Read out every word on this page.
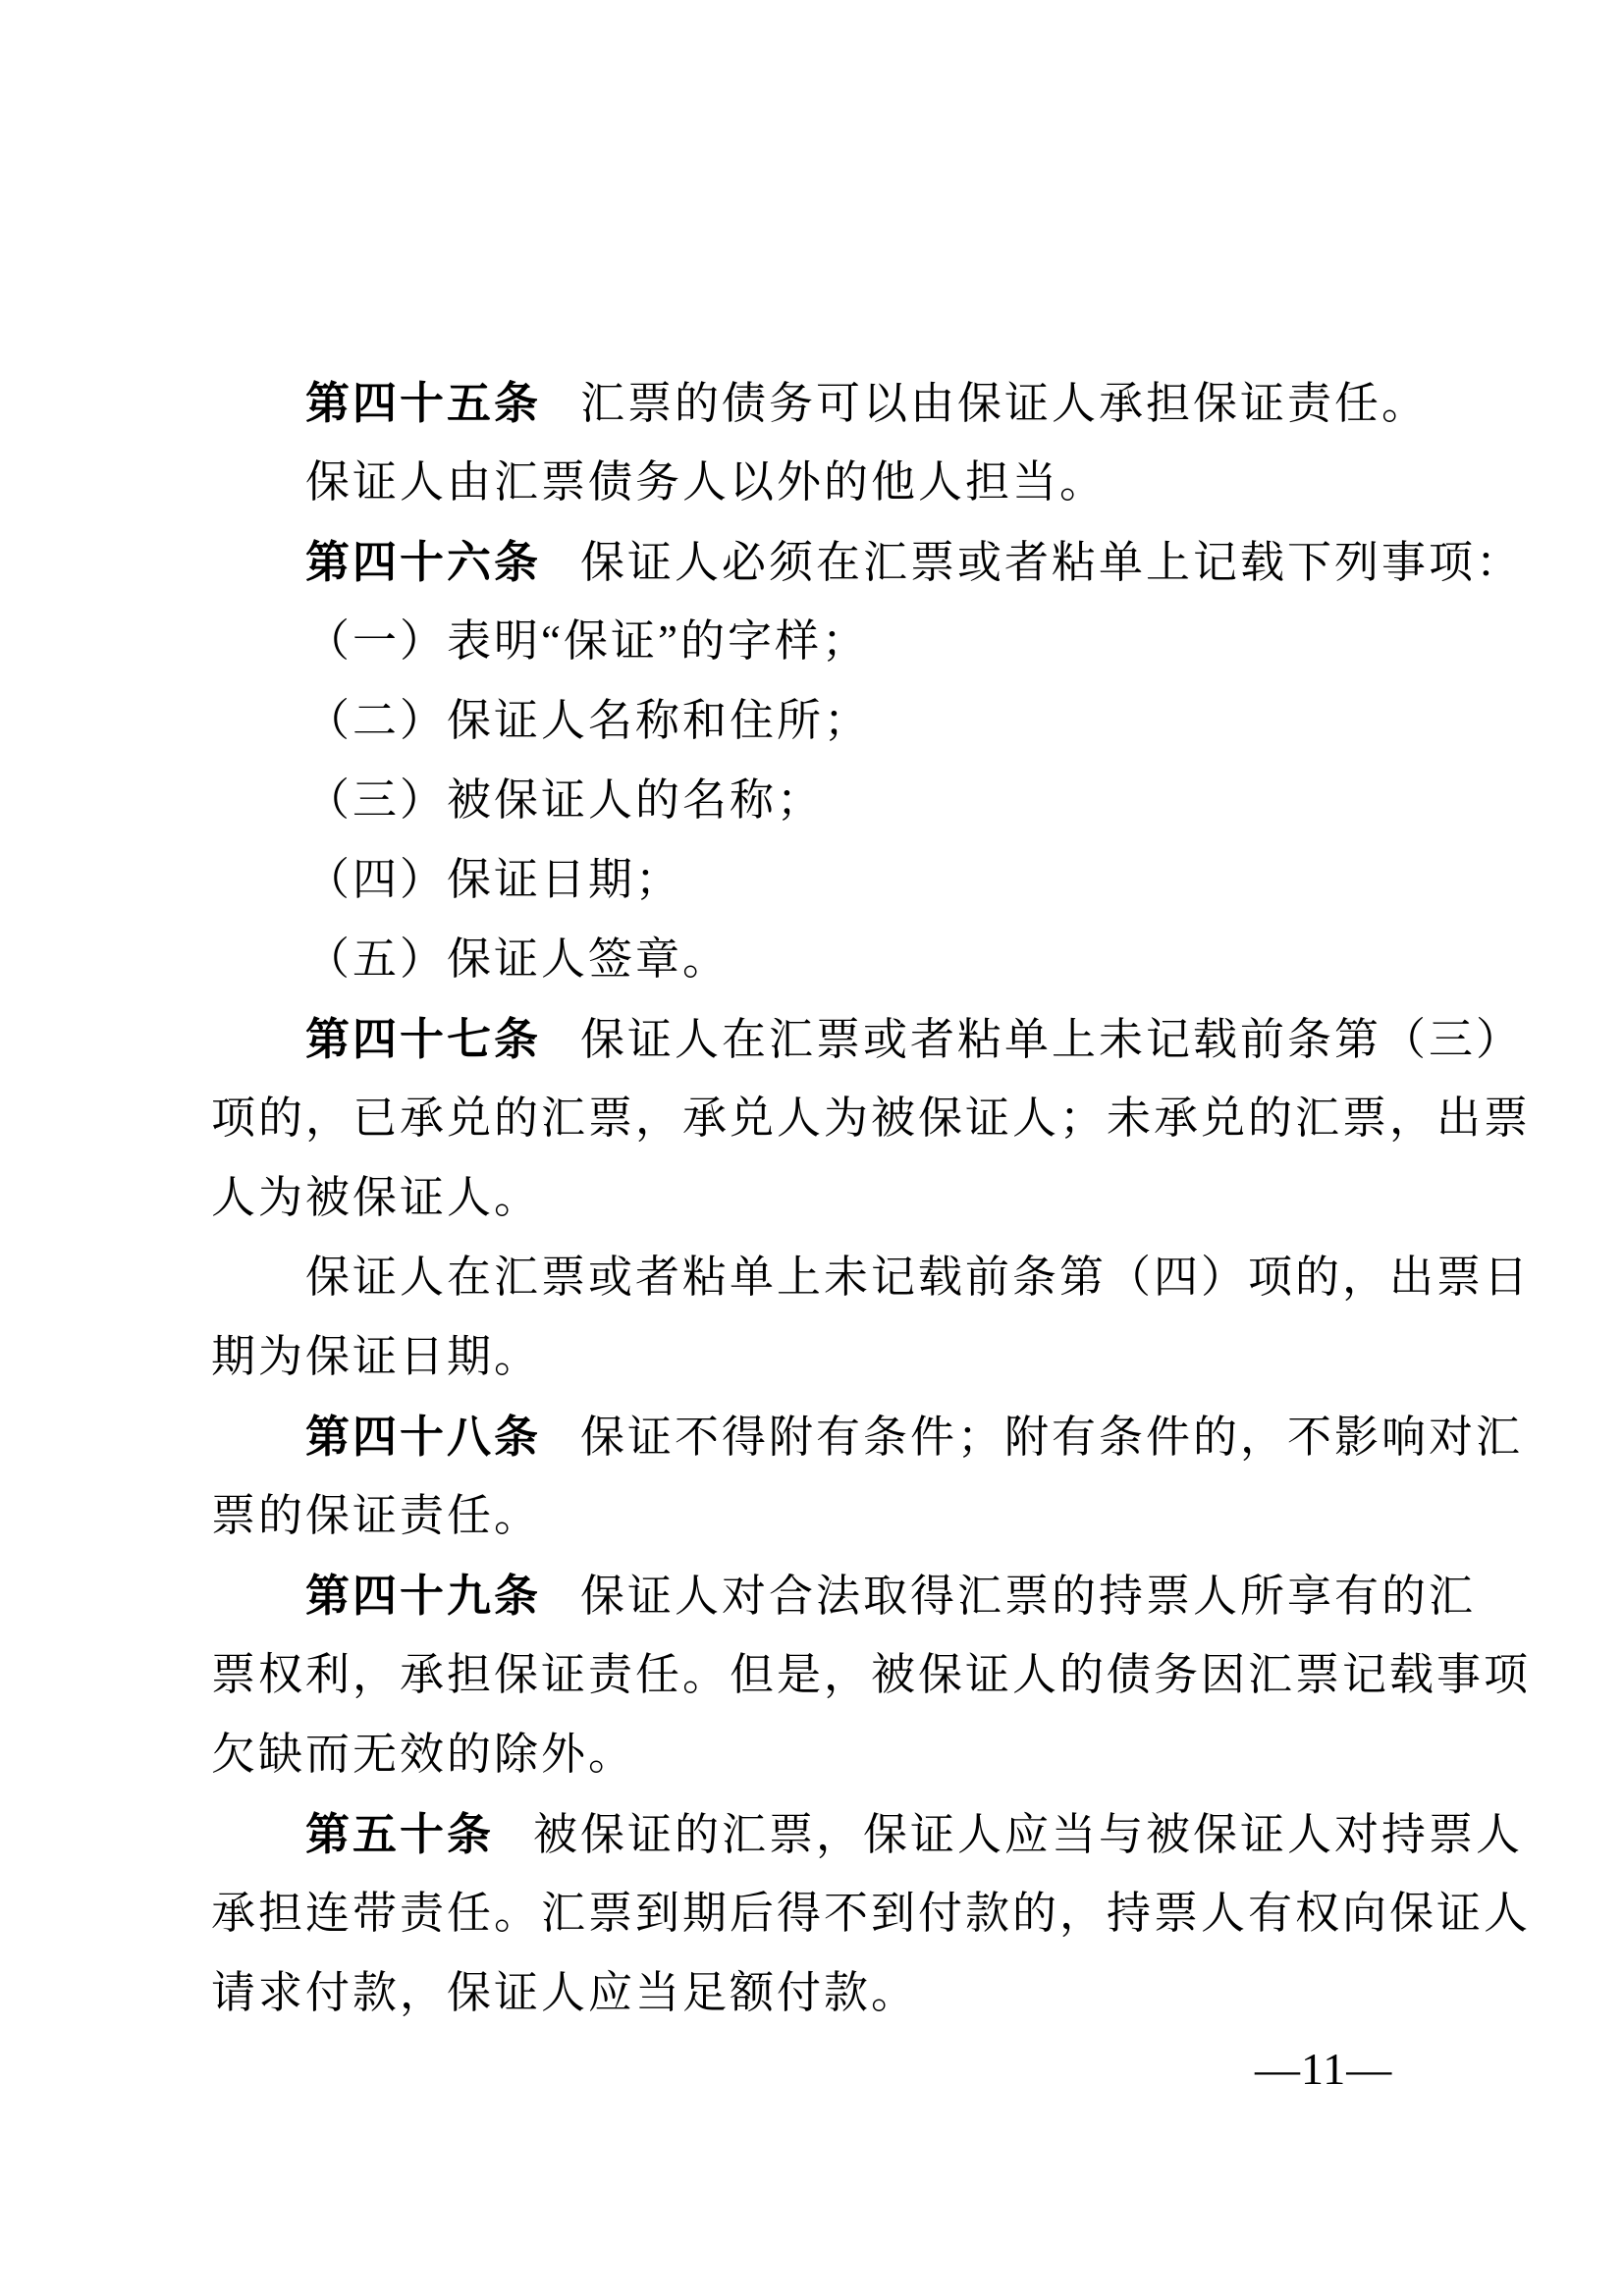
第四十五条 汇票的债务可以由保证人承担保证责任。
保证人由汇票债务人以外的他人担当。
第四十六条 保证人必须在汇票或者粘单上记载下列事项：
（一）表明“保证”的字样；
（二）保证人名称和住所；
（三）被保证人的名称；
（四）保证日期；
（五）保证人签章。
第四十七条 保证人在汇票或者粘单上未记载前条第（三）
项的，已承兑的汇票，承兑人为被保证人；未承兑的汇票，出票
人为被保证人。
保证人在汇票或者粘单上未记载前条第（四）项的，出票日
期为保证日期。
第四十八条 保证不得附有条件；附有条件的，不影响对汇
票的保证责任。
第四十九条 保证人对合法取得汇票的持票人所享有的汇
票权利，承担保证责任。但是，被保证人的债务因汇票记载事项
欠缺而无效的除外。
第五十条 被保证的汇票，保证人应当与被保证人对持票人
承担连带责任。汇票到期后得不到付款的，持票人有权向保证人
请求付款，保证人应当足额付款。
—11—
